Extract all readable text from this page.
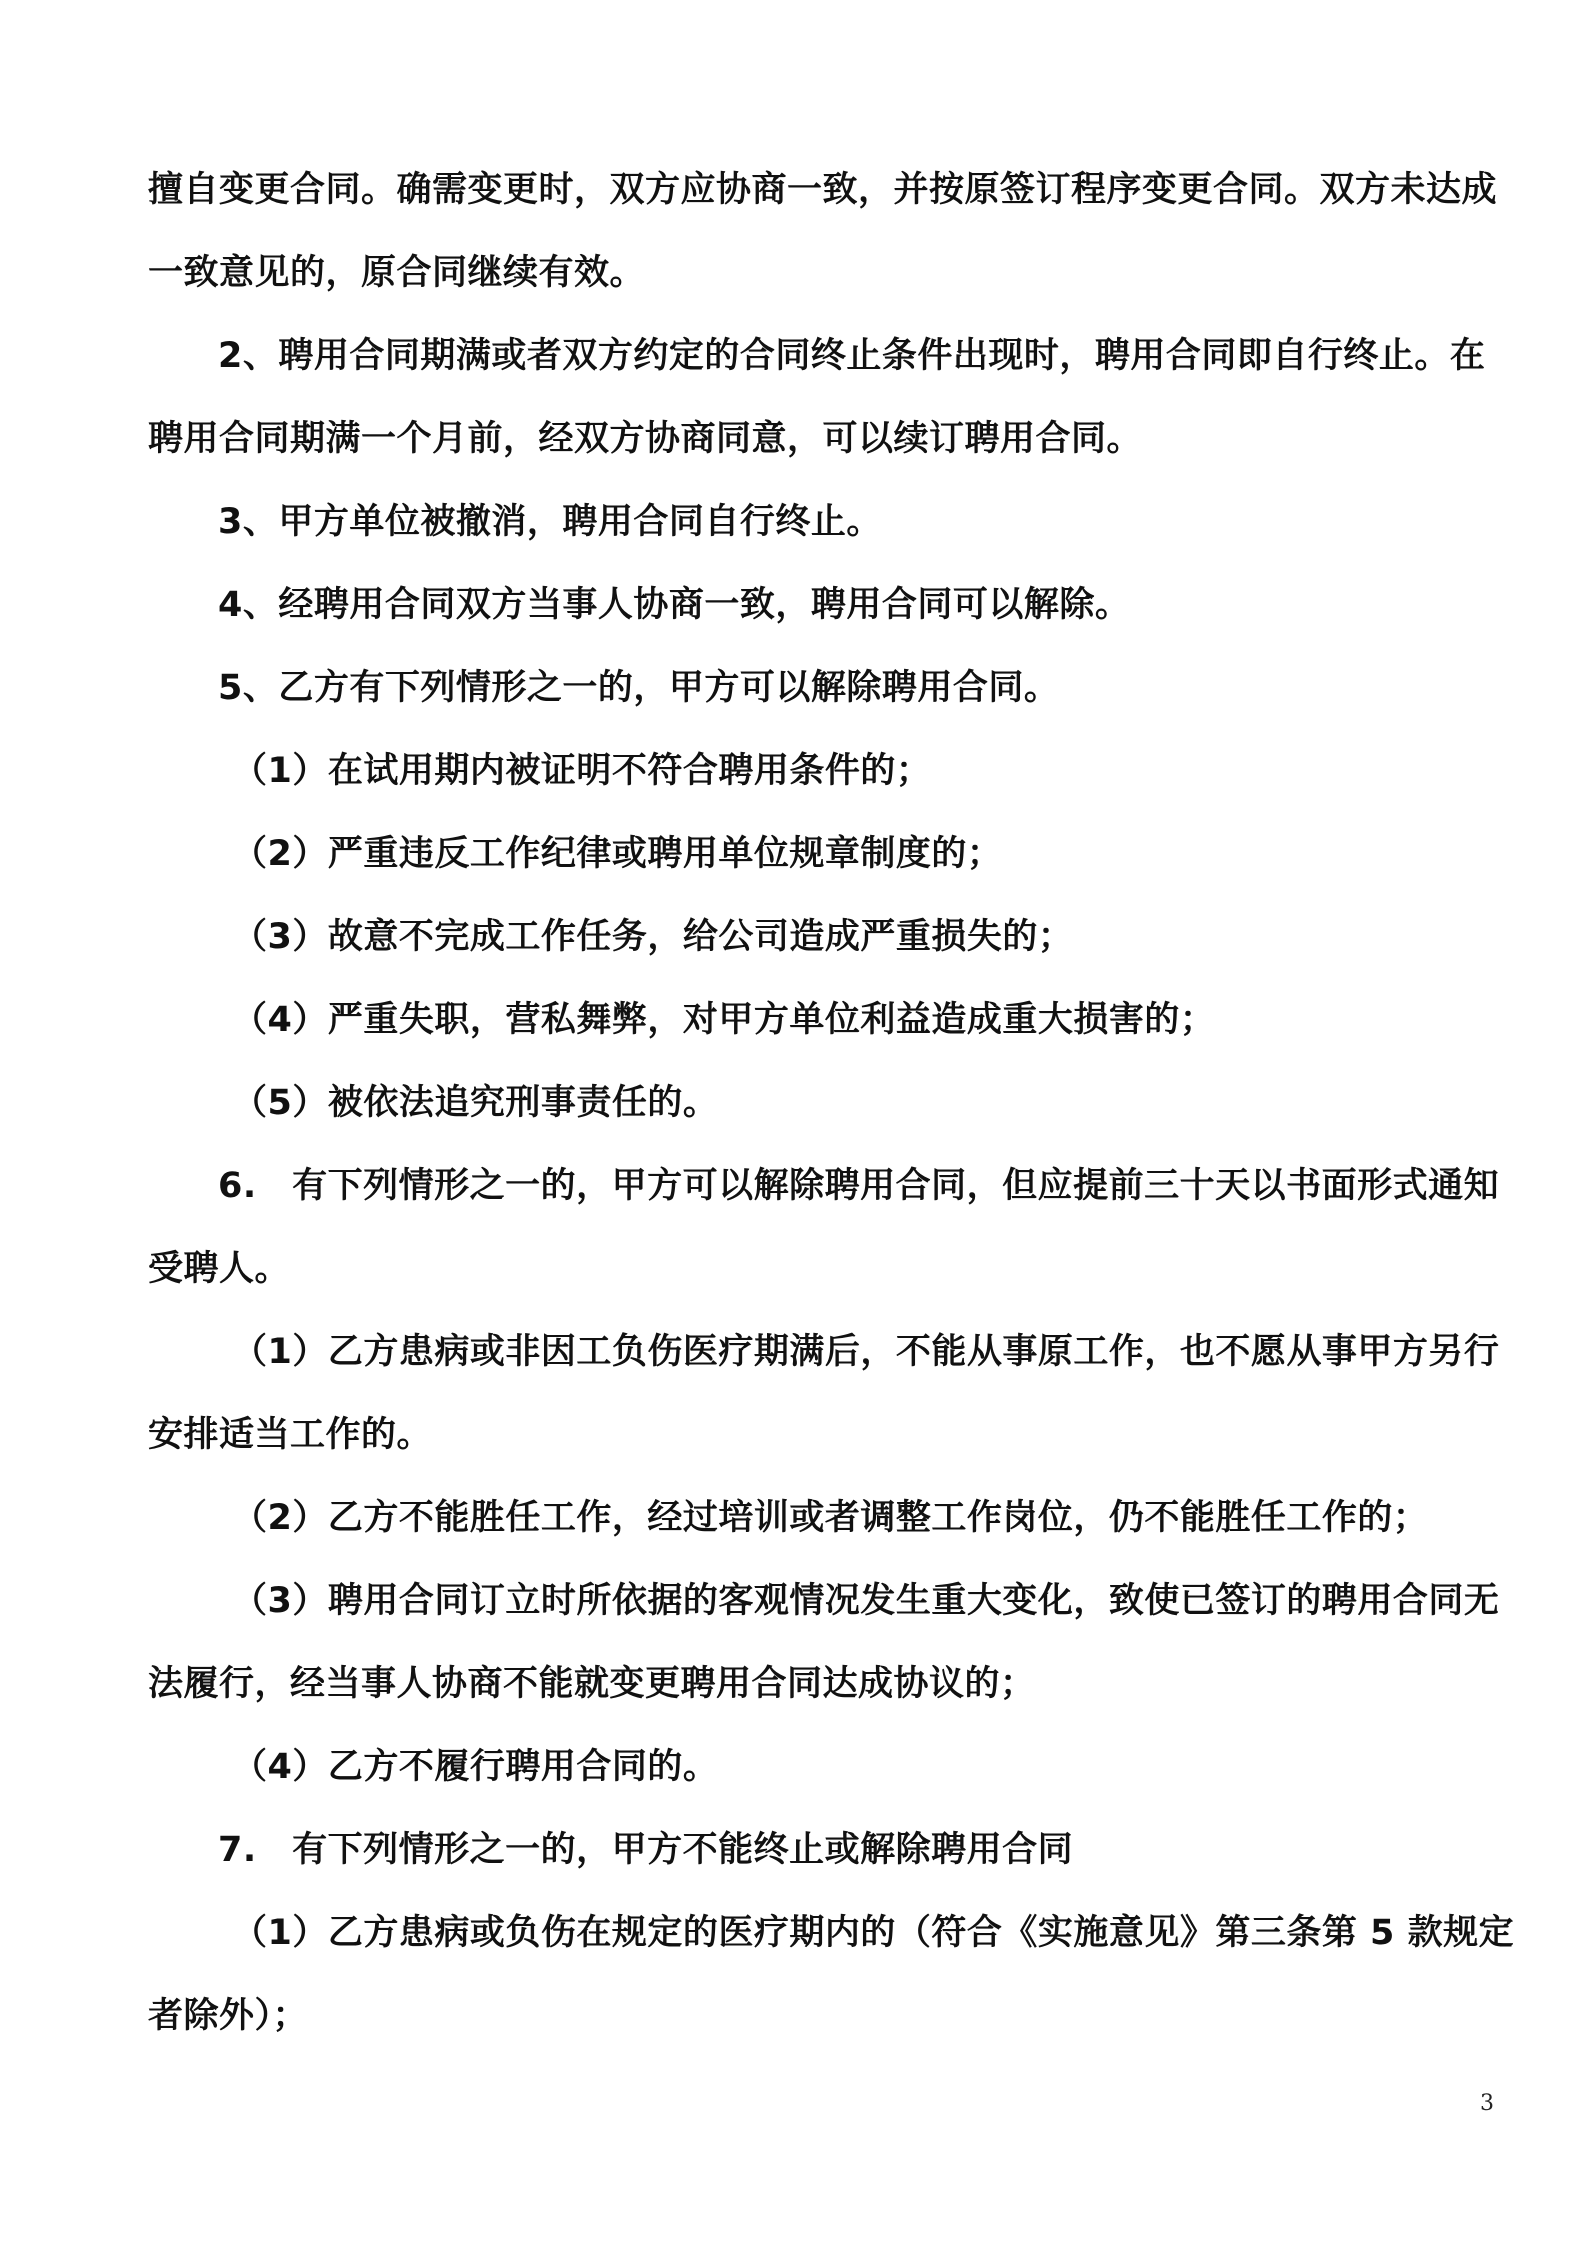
擅自变更合同。确需变更时，双方应协商一致，并按原签订程序变更合同。双方未达成
一致意见的，原合同继续有效。
2、聘用合同期满或者双方约定的合同终止条件出现时，聘用合同即自行终止。在
聘用合同期满一个月前，经双方协商同意，可以续订聘用合同。
3、甲方单位被撤消，聘用合同自行终止。
4、经聘用合同双方当事人协商一致，聘用合同可以解除。
5、乙方有下列情形之一的，甲方可以解除聘用合同。
（1）在试用期内被证明不符合聘用条件的；
（2）严重违反工作纪律或聘用单位规章制度的；
（3）故意不完成工作任务，给公司造成严重损失的；
（4）严重失职，营私舞弊，对甲方单位利益造成重大损害的；
（5）被依法追究刑事责任的。
6.　有下列情形之一的，甲方可以解除聘用合同，但应提前三十天以书面形式通知
受聘人。
（1）乙方患病或非因工负伤医疗期满后，不能从事原工作，也不愿从事甲方另行
安排适当工作的。
（2）乙方不能胜任工作，经过培训或者调整工作岗位，仍不能胜任工作的；
（3）聘用合同订立时所依据的客观情况发生重大变化，致使已签订的聘用合同无
法履行，经当事人协商不能就变更聘用合同达成协议的；
（4）乙方不履行聘用合同的。
7.　有下列情形之一的，甲方不能终止或解除聘用合同
（1）乙方患病或负伤在规定的医疗期内的（符合《实施意见》第三条第 5 款规定
者除外）；
3
